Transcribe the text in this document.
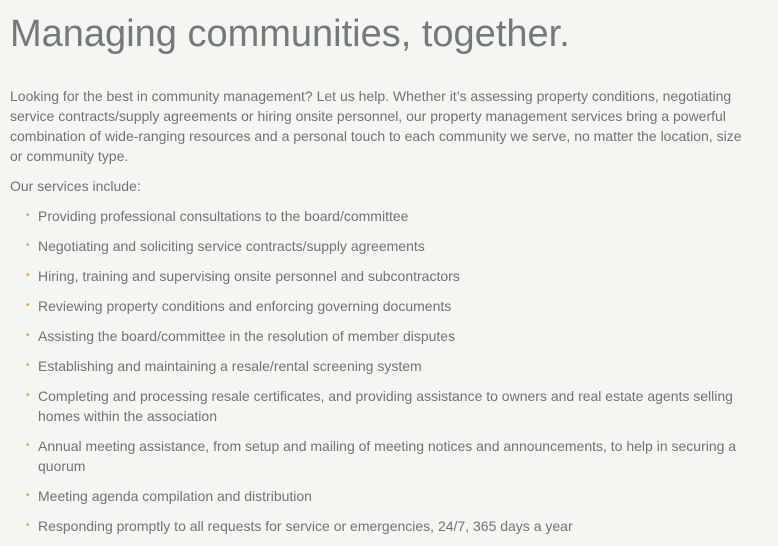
Managing communities, together.

Looking for the best in community management? Let us help. Whether it’s assessing property conditions, negotiating service contracts/supply agreements or hiring onsite personnel, our property management services bring a powerful combination of wide-ranging resources and a personal touch to each community we serve, no matter the location, size or community type.

Our services include:

• Providing professional consultations to the board/committee
• Negotiating and soliciting service contracts/supply agreements
• Hiring, training and supervising onsite personnel and subcontractors
• Reviewing property conditions and enforcing governing documents
• Assisting the board/committee in the resolution of member disputes
• Establishing and maintaining a resale/rental screening system
• Completing and processing resale certificates, and providing assistance to owners and real estate agents selling homes within the association
• Annual meeting assistance, from setup and mailing of meeting notices and announcements, to help in securing a quorum
• Meeting agenda compilation and distribution
• Responding promptly to all requests for service or emergencies, 24/7, 365 days a year
